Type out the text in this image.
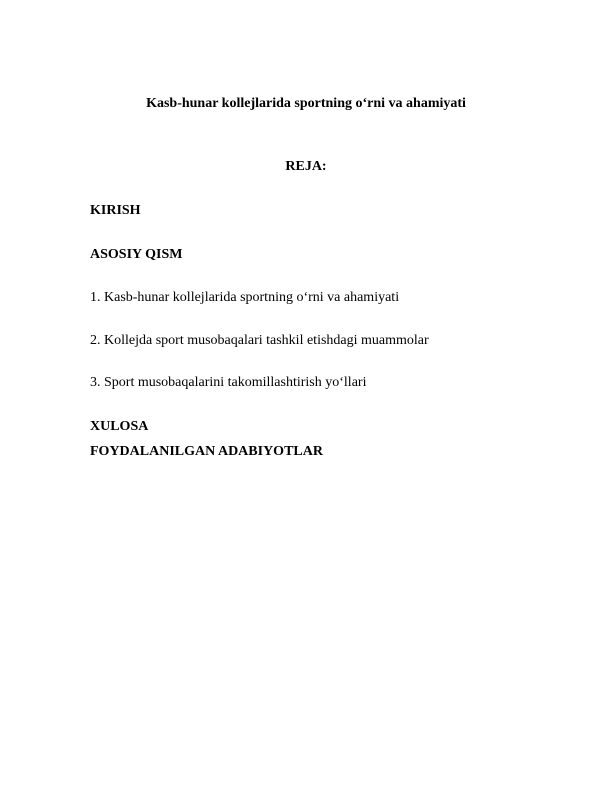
Kasb-hunar kollejlarida sportning o‘rni va ahamiyati
REJA:
KIRISH
ASOSIY QISM
1. Kasb-hunar kollejlarida sportning o‘rni va ahamiyati
2. Kollejda sport musobaqalari tashkil etishdagi muammolar
3. Sport musobaqalarini takomillashtirish yo‘llari
XULOSA
FOYDALANILGAN ADABIYOTLAR
